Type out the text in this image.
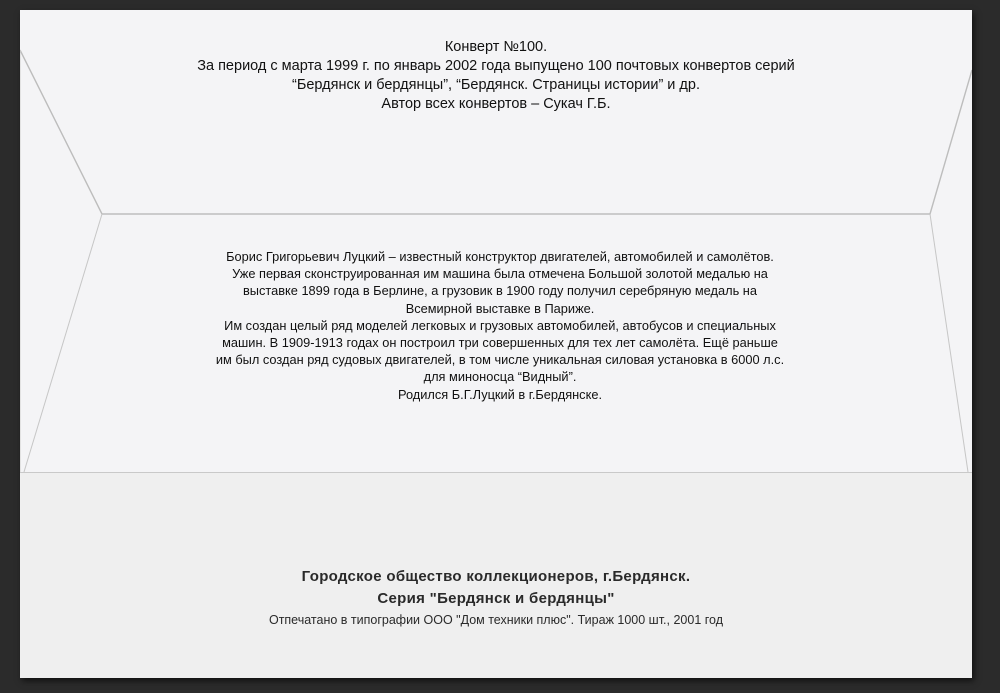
Конверт №100.
За период с марта 1999 г. по январь 2002 года выпущено 100 почтовых конвертов серий
“Бердянск и бердянцы”, “Бердянск. Страницы истории” и др.
Автор всех конвертов – Сукач Г.Б.
Борис Григорьевич Луцкий – известный конструктор двигателей, автомобилей и самолётов.
Уже первая сконструированная им машина была отмечена Большой золотой медалью на
выставке 1899 года в Берлине, а грузовик в 1900 году получил серебряную медаль на
Всемирной выставке в Париже.
Им создан целый ряд моделей легковых и грузовых автомобилей, автобусов и специальных
машин. В 1909-1913 годах он построил три совершенных для тех лет самолёта. Ещё раньше
им был создан ряд судовых двигателей, в том числе уникальная силовая установка в 6000 л.с.
для миноносца “Видный”.
Родился Б.Г.Луцкий в г.Бердянске.
Городское общество коллекционеров, г.Бердянск.
Серия "Бердянск и бердянцы"
Отпечатано в типографии ООО "Дом техники плюс". Тираж 1000 шт., 2001 год
